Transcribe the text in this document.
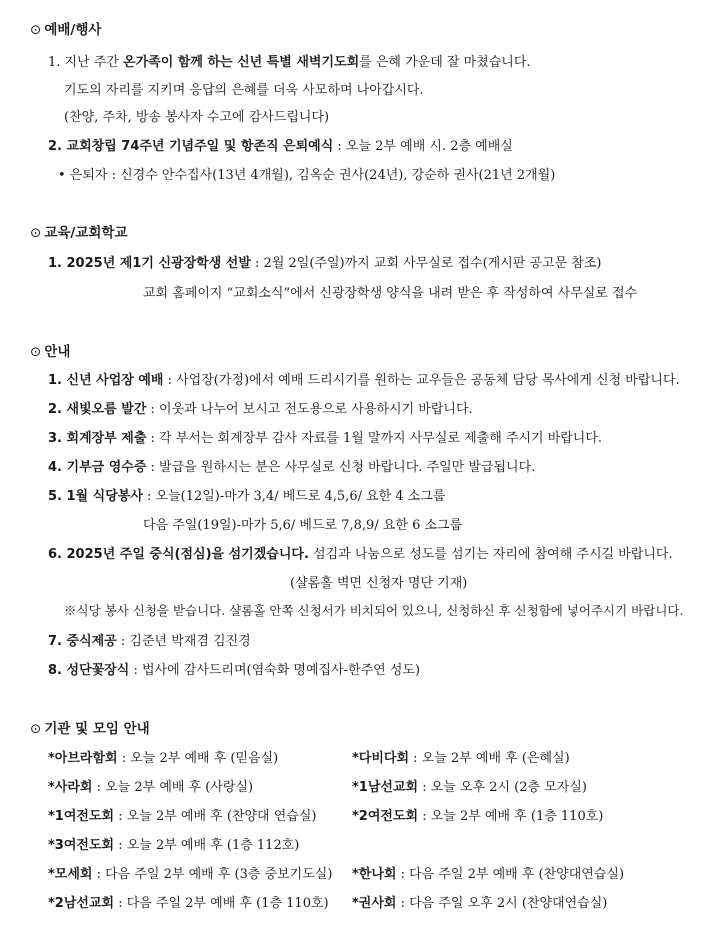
⊙ 예배/행사
1. 지난 주간 온가족이 함께 하는 신년 특별 새벽기도회를 은혜 가운데 잘 마쳤습니다.
기도의 자리를 지키며 응답의 은혜를 더욱 사모하며 나아갑시다.
(찬양, 주차, 방송 봉사자 수고에 감사드립니다)
2. 교회창립 74주년 기념주일 및 항존직 은퇴예식 : 오늘 2부 예배 시. 2층 예배실
• 은퇴자 : 신경수 안수집사(13년 4개월), 김옥순 권사(24년), 강순하 권사(21년 2개월)
⊙ 교육/교회학교
1. 2025년 제1기 신광장학생 선발 : 2월 2일(주일)까지 교회 사무실로 접수(게시판 공고문 참조)
교회 홈페이지 “교회소식”에서 신광장학생 양식을 내려 받은 후 작성하여 사무실로 접수
⊙ 안내
1. 신년 사업장 예배 : 사업장(가정)에서 예배 드리시기를 원하는 교우들은 공동체 담당 목사에게 신청 바랍니다.
2. 새빛오름 발간 : 이웃과 나누어 보시고 전도용으로 사용하시기 바랍니다.
3. 회계장부 제출 : 각 부서는 회계장부 감사 자료를 1월 말까지 사무실로 제출해 주시기 바랍니다.
4. 기부금 영수증 : 발급을 원하시는 분은 사무실로 신청 바랍니다. 주일만 발급됩니다.
5. 1월 식당봉사 : 오늘(12일)-마가 3,4/ 베드로 4,5,6/ 요한 4 소그룹
다음 주일(19일)-마가 5,6/ 베드로 7,8,9/ 요한 6 소그룹
6. 2025년 주일 중식(점심)을 섬기겠습니다. 섬김과 나눔으로 성도를 섬기는 자리에 참여해 주시길 바랍니다.
(샬롬홀 벽면 신청자 명단 기재)
※식당 봉사 신청을 받습니다. 샬롬홀 안쪽 신청서가 비치되어 있으니, 신청하신 후 신청함에 넣어주시기 바랍니다.
7. 중식제공 : 김준년 박재겸 김진경
8. 성단꽃장식 : 법사에 감사드리며(염숙화 명예집사-한주연 성도)
⊙ 기관 및 모임 안내
*아브라함회 : 오늘 2부 예배 후 (믿음실)	*다비다회 : 오늘 2부 예배 후 (은혜실)
*사라회 : 오늘 2부 예배 후 (사랑실)	*1남선교회 : 오늘 오후 2시 (2층 모자실)
*1여전도회 : 오늘 2부 예배 후 (찬양대 연습실)	*2여전도회 : 오늘 2부 예배 후 (1층 110호)
*3여전도회 : 오늘 2부 예배 후 (1층 112호)
*모세회 : 다음 주일 2부 예배 후 (3층 중보기도실) *한나회 : 다음 주일 2부 예배 후 (찬양대연습실)
*2남선교회 : 다음 주일 2부 예배 후 (1층 110호) *권사회 : 다음 주일 오후 2시 (찬양대연습실)
